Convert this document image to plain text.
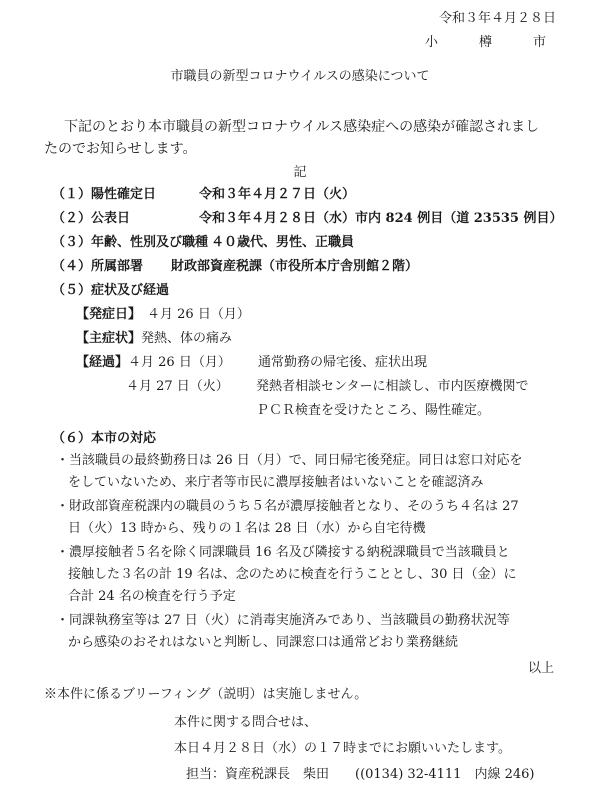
令和３年４月２８日
小　樽　市
市職員の新型コロナウイルスの感染について
下記のとおり本市職員の新型コロナウイルス感染症への感染が確認されまし
たのでお知らせします。
記
（１）陽性確定日	令和３年４月２７日（火）
（２）公表日	令和３年４月２８日（水）市内 824 例目（道 23535 例目）
（３）年齢、性別及び職種 ４０歳代、男性、正職員
（４）所属部署 財政部資産税課（市役所本庁舎別館２階）
（５）症状及び経過
【発症日】 ４月 26 日（月）
【主症状】発熱、体の痛み
【経過】４月 26 日（月） 通常勤務の帰宅後、症状出現
４月 27 日（火） 発熱者相談センターに相談し、市内医療機関で
ＰＣＲ検査を受けたところ、陽性確定。
（６）本市の対応
・当該職員の最終勤務日は 26 日（月）で、同日帰宅後発症。同日は窓口対応を
をしていないため、来庁者等市民に濃厚接触者はいないことを確認済み
・財政部資産税課内の職員のうち５名が濃厚接触者となり、そのうち４名は 27
日（火）13 時から、残りの１名は 28 日（水）から自宅待機
・濃厚接触者５名を除く同課職員 16 名及び隣接する納税課職員で当該職員と
接触した３名の計 19 名は、念のために検査を行うこととし、30 日（金）に
合計 24 名の検査を行う予定
・同課執務室等は 27 日（火）に消毒実施済みであり、当該職員の勤務状況等
から感染のおそれはないと判断し、同課窓口は通常どおり業務継続
以上
※本件に係るブリーフィング（説明）は実施しません。
本件に関する問合せは、
本日４月２８日（水）の１７時までにお願いいたします。
担当：資産税課長　柴田　　((0134) 32-4111　内線 246)
